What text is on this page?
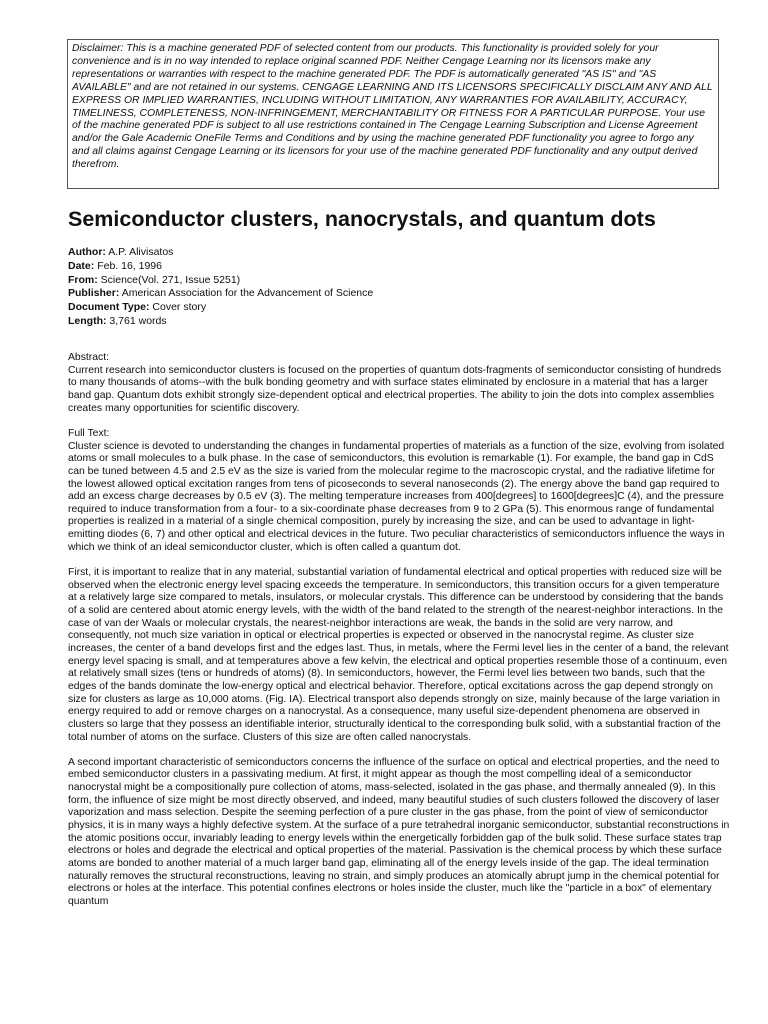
Disclaimer: This is a machine generated PDF of selected content from our products. This functionality is provided solely for your convenience and is in no way intended to replace original scanned PDF. Neither Cengage Learning nor its licensors make any representations or warranties with respect to the machine generated PDF. The PDF is automatically generated "AS IS" and "AS AVAILABLE" and are not retained in our systems. CENGAGE LEARNING AND ITS LICENSORS SPECIFICALLY DISCLAIM ANY AND ALL EXPRESS OR IMPLIED WARRANTIES, INCLUDING WITHOUT LIMITATION, ANY WARRANTIES FOR AVAILABILITY, ACCURACY, TIMELINESS, COMPLETENESS, NON-INFRINGEMENT, MERCHANTABILITY OR FITNESS FOR A PARTICULAR PURPOSE. Your use of the machine generated PDF is subject to all use restrictions contained in The Cengage Learning Subscription and License Agreement and/or the Gale Academic OneFile Terms and Conditions and by using the machine generated PDF functionality you agree to forgo any and all claims against Cengage Learning or its licensors for your use of the machine generated PDF functionality and any output derived therefrom.
Semiconductor clusters, nanocrystals, and quantum dots
Author: A.P. Alivisatos
Date: Feb. 16, 1996
From: Science(Vol. 271, Issue 5251)
Publisher: American Association for the Advancement of Science
Document Type: Cover story
Length: 3,761 words

Abstract:

Current research into semiconductor clusters is focused on the properties of quantum dots-fragments of semiconductor consisting of hundreds to many thousands of atoms--with the bulk bonding geometry and with surface states eliminated by enclosure in a material that has a larger band gap. Quantum dots exhibit strongly size-dependent optical and electrical properties. The ability to join the dots into complex assemblies creates many opportunities for scientific discovery.

Full Text:

Cluster science is devoted to understanding the changes in fundamental properties of materials as a function of the size, evolving from isolated atoms or small molecules to a bulk phase. In the case of semiconductors, this evolution is remarkable (1). For example, the band gap in CdS can be tuned between 4.5 and 2.5 eV as the size is varied from the molecular regime to the macroscopic crystal, and the radiative lifetime for the lowest allowed optical excitation ranges from tens of picoseconds to several nanoseconds (2). The energy above the band gap required to add an excess charge decreases by 0.5 eV (3). The melting temperature increases from 400[degrees] to 1600[degrees]C (4), and the pressure required to induce transformation from a four- to a six-coordinate phase decreases from 9 to 2 GPa (5). This enormous range of fundamental properties is realized in a material of a single chemical composition, purely by increasing the size, and can be used to advantage in light-emitting diodes (6, 7) and other optical and electrical devices in the future. Two peculiar characteristics of semiconductors influence the ways in which we think of an ideal semiconductor cluster, which is often called a quantum dot.

First, it is important to realize that in any material, substantial variation of fundamental electrical and optical properties with reduced size will be observed when the electronic energy level spacing exceeds the temperature. In semiconductors, this transition occurs for a given temperature at a relatively large size compared to metals, insulators, or molecular crystals. This difference can be understood by considering that the bands of a solid are centered about atomic energy levels, with the width of the band related to the strength of the nearest-neighbor interactions. In the case of van der Waals or molecular crystals, the nearest-neighbor interactions are weak, the bands in the solid are very narrow, and consequently, not much size variation in optical or electrical properties is expected or observed in the nanocrystal regime. As cluster size increases, the center of a band develops first and the edges last. Thus, in metals, where the Fermi level lies in the center of a band, the relevant energy level spacing is small, and at temperatures above a few kelvin, the electrical and optical properties resemble those of a continuum, even at relatively small sizes (tens or hundreds of atoms) (8). In semiconductors, however, the Fermi level lies between two bands, such that the edges of the bands dominate the low-energy optical and electrical behavior. Therefore, optical excitations across the gap depend strongly on size for clusters as large as 10,000 atoms. (Fig. IA). Electrical transport also depends strongly on size, mainly because of the large variation in energy required to add or remove charges on a nanocrystal. As a consequence, many useful size-dependent phenomena are observed in clusters so large that they possess an identifiable interior, structurally identical to the corresponding bulk solid, with a substantial fraction of the total number of atoms on the surface. Clusters of this size are often called nanocrystals.

A second important characteristic of semiconductors concerns the influence of the surface on optical and electrical properties, and the need to embed semiconductor clusters in a passivating medium. At first, it might appear as though the most compelling ideal of a semiconductor nanocrystal might be a compositionally pure collection of atoms, mass-selected, isolated in the gas phase, and thermally annealed (9). In this form, the influence of size might be most directly observed, and indeed, many beautiful studies of such clusters followed the discovery of laser vaporization and mass selection. Despite the seeming perfection of a pure cluster in the gas phase, from the point of view of semiconductor physics, it is in many ways a highly defective system. At the surface of a pure tetrahedral inorganic semiconductor, substantial reconstructions in the atomic positions occur, invariably leading to energy levels within the energetically forbidden gap of the bulk solid. These surface states trap electrons or holes and degrade the electrical and optical properties of the material. Passivation is the chemical process by which these surface atoms are bonded to another material of a much larger band gap, eliminating all of the energy levels inside of the gap. The ideal termination naturally removes the structural reconstructions, leaving no strain, and simply produces an atomically abrupt jump in the chemical potential for electrons or holes at the interface. This potential confines electrons or holes inside the cluster, much like the "particle in a box" of elementary quantum
